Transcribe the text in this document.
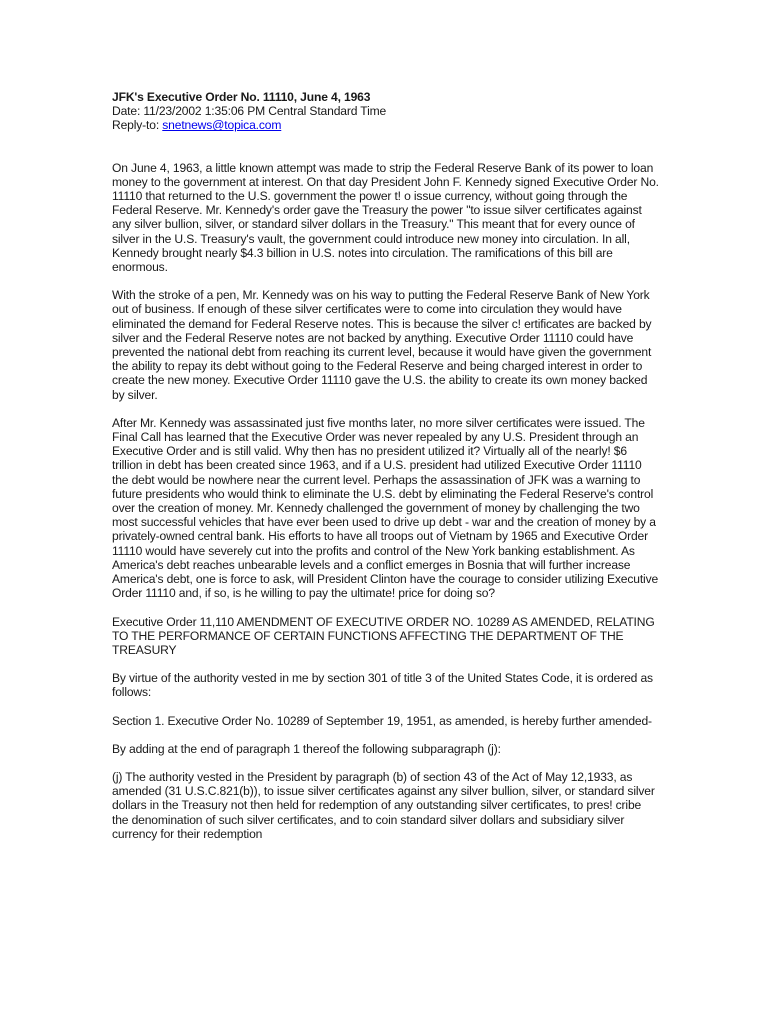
JFK's Executive Order No. 11110, June 4, 1963

Date: 11/23/2002 1:35:06 PM Central Standard Time

Reply-to: snetnews@topica.com

On June 4, 1963, a little known attempt was made to strip the Federal Reserve Bank of its power to loan money to the government at interest. On that day President John F. Kennedy signed Executive Order No. 11110 that returned to the U.S. government the power t! o issue currency, without going through the Federal Reserve. Mr. Kennedy's order gave the Treasury the power "to issue silver certificates against any silver bullion, silver, or standard silver dollars in the Treasury." This meant that for every ounce of silver in the U.S. Treasury's vault, the government could introduce new money into circulation. In all, Kennedy brought nearly $4.3 billion in U.S. notes into circulation. The ramifications of this bill are enormous.

With the stroke of a pen, Mr. Kennedy was on his way to putting the Federal Reserve Bank of New York out of business. If enough of these silver certificates were to come into circulation they would have eliminated the demand for Federal Reserve notes. This is because the silver c! ertificates are backed by silver and the Federal Reserve notes are not backed by anything. Executive Order 11110 could have prevented the national debt from reaching its current level, because it would have given the government the ability to repay its debt without going to the Federal Reserve and being charged interest in order to create the new money. Executive Order 11110 gave the U.S. the ability to create its own money backed by silver.

After Mr. Kennedy was assassinated just five months later, no more silver certificates were issued. The Final Call has learned that the Executive Order was never repealed by any U.S. President through an Executive Order and is still valid. Why then has no president utilized it? Virtually all of the nearly! $6 trillion in debt has been created since 1963, and if a U.S. president had utilized Executive Order 11110 the debt would be nowhere near the current level. Perhaps the assassination of JFK was a warning to future presidents who would think to eliminate the U.S. debt by eliminating the Federal Reserve's control over the creation of money. Mr. Kennedy challenged the government of money by challenging the two most successful vehicles that have ever been used to drive up debt - war and the creation of money by a privately-owned central bank. His efforts to have all troops out of Vietnam by 1965 and Executive Order 11110 would have severely cut into the profits and control of the New York banking establishment. As America's debt reaches unbearable levels and a conflict emerges in Bosnia that will further increase America's debt, one is force to ask, will President Clinton have the courage to consider utilizing Executive Order 11110 and, if so, is he willing to pay the ultimate! price for doing so?

Executive Order 11,110 AMENDMENT OF EXECUTIVE ORDER NO. 10289 AS AMENDED, RELATING TO THE PERFORMANCE OF CERTAIN FUNCTIONS AFFECTING THE DEPARTMENT OF THE TREASURY

By virtue of the authority vested in me by section 301 of title 3 of the United States Code, it is ordered as follows:

Section 1. Executive Order No. 10289 of September 19, 1951, as amended, is hereby further amended-

By adding at the end of paragraph 1 thereof the following subparagraph (j):

(j) The authority vested in the President by paragraph (b) of section 43 of the Act of May 12,1933, as amended (31 U.S.C.821(b)), to issue silver certificates against any silver bullion, silver, or standard silver dollars in the Treasury not then held for redemption of any outstanding silver certificates, to pres! cribe the denomination of such silver certificates, and to coin standard silver dollars and subsidiary silver currency for their redemption
